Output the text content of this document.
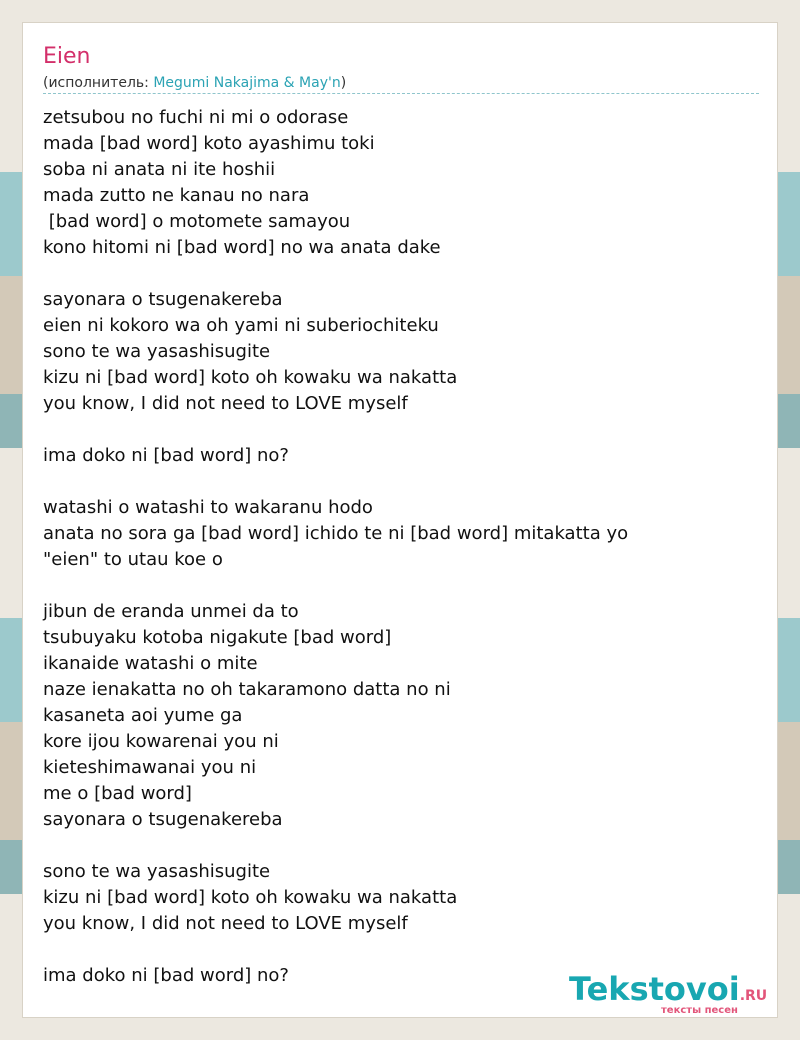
Eien
(исполнитель: Megumi Nakajima & May'n)
zetsubou no fuchi ni mi o odorase
mada [bad word] koto ayashimu toki
soba ni anata ni ite hoshii
mada zutto ne kanau no nara
[bad word] o motomete samayou
kono hitomi ni [bad word] no wa anata dake
sayonara o tsugenakereba
eien ni kokoro wa oh yami ni suberiochiteku
sono te wa yasashisugite
kizu ni [bad word] koto oh kowaku wa nakatta
you know, I did not need to LOVE myself
ima doko ni [bad word] no?
watashi o watashi to wakaranu hodo
anata no sora ga [bad word] ichido te ni [bad word] mitakatta yo
"eien" to utau koe o
jibun de eranda unmei da to
tsubuyaku kotoba nigakute [bad word]
ikanaide watashi o mite
naze ienakatta no oh takaramono datta no ni
kasaneta aoi yume ga
kore ijou kowarenai you ni
kieteshimawanai you ni
me o [bad word]
sayonara o tsugenakereba
sono te wa yasashisugite
kizu ni [bad word] koto oh kowaku wa nakatta
you know, I did not need to LOVE myself
ima doko ni [bad word] no?	Tekstovoi.RU
тексты песен
